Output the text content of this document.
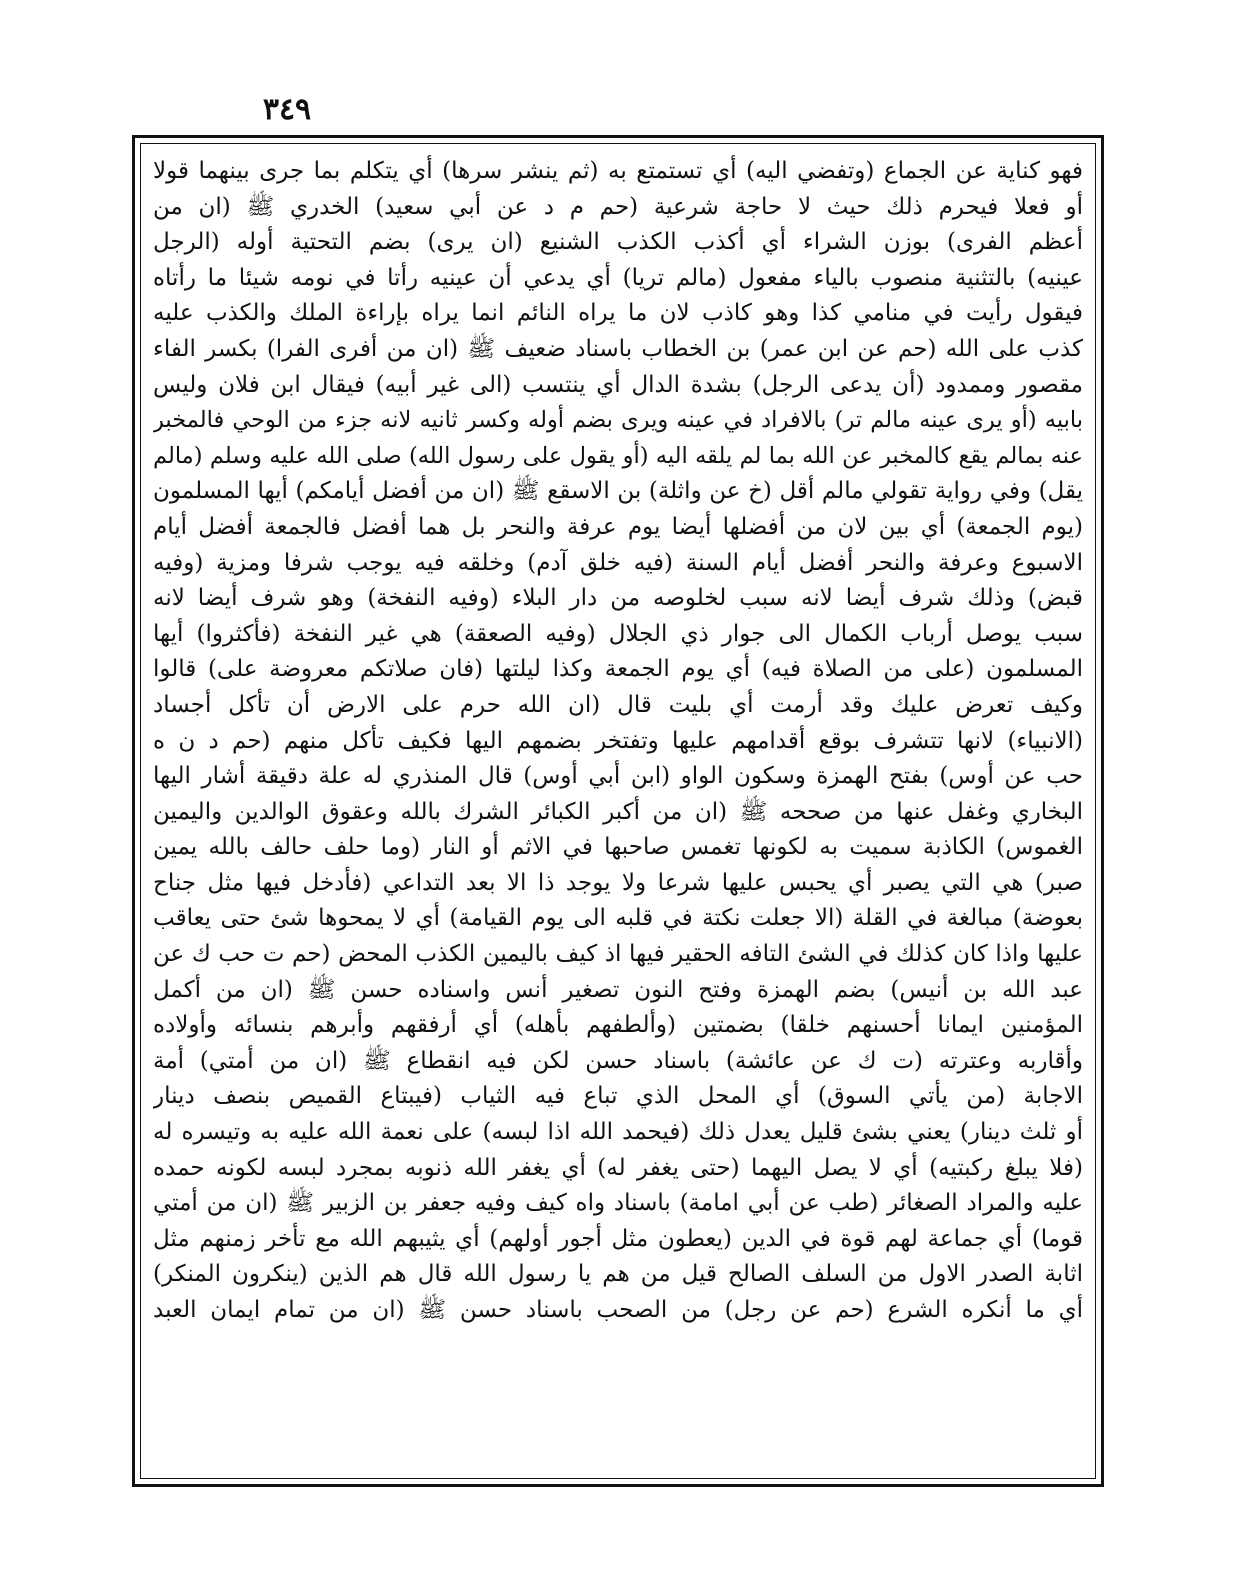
٣٤٩
فهو كناية عن الجماع (وتفضي اليه) أي تستمتع به (ثم ينشر سرها) أي يتكلم بما جرى بينهما قولا
أو فعلا فيحرم ذلك حيث لا حاجة شرعية (حم م د عن أبي سعيد) الخدري ﷺ (ان من
أعظم الفرى) بوزن الشراء أي أكذب الكذب الشنيع (ان يرى) بضم التحتية أوله (الرجل
عينيه) بالتثنية منصوب بالياء مفعول (مالم تريا) أي يدعي أن عينيه رأتا في نومه شيئا ما رأتاه
فيقول رأيت في منامي كذا وهو كاذب لان ما يراه النائم انما يراه بإراءة الملك والكذب عليه
كذب على الله (حم عن ابن عمر) بن الخطاب باسناد ضعيف ﷺ (ان من أفرى الفرا) بكسر الفاء
مقصور وممدود (أن يدعى الرجل) بشدة الدال أي ينتسب (الى غير أبيه) فيقال ابن فلان وليس
بابيه (أو يرى عينه مالم تر) بالافراد في عينه ويرى بضم أوله وكسر ثانيه لانه جزء من الوحي فالمخبر
عنه بمالم يقع كالمخبر عن الله بما لم يلقه اليه (أو يقول على رسول الله) صلى الله عليه وسلم (مالم
يقل) وفي رواية تقولي مالم أقل (خ عن واثلة) بن الاسقع ﷺ (ان من أفضل أيامكم) أيها المسلمون
(يوم الجمعة) أي بين لان من أفضلها أيضا يوم عرفة والنحر بل هما أفضل فالجمعة أفضل أيام
الاسبوع وعرفة والنحر أفضل أيام السنة (فيه خلق آدم) وخلقه فيه يوجب شرفا ومزية (وفيه
قبض) وذلك شرف أيضا لانه سبب لخلوصه من دار البلاء (وفيه النفخة) وهو شرف أيضا لانه
سبب يوصل أرباب الكمال الى جوار ذي الجلال (وفيه الصعقة) هي غير النفخة (فأكثروا) أيها
المسلمون (على من الصلاة فيه) أي يوم الجمعة وكذا ليلتها (فان صلاتكم معروضة على) قالوا
وكيف تعرض عليك وقد أرمت أي بليت قال (ان الله حرم على الارض أن تأكل أجساد
(الانبياء) لانها تتشرف بوقع أقدامهم عليها وتفتخر بضمهم اليها فكيف تأكل منهم (حم د ن ه
حب عن أوس) بفتح الهمزة وسكون الواو (ابن أبي أوس) قال المنذري له علة دقيقة أشار اليها
البخاري وغفل عنها من صححه ﷺ (ان من أكبر الكبائر الشرك بالله وعقوق الوالدين واليمين
الغموس) الكاذبة سميت به لكونها تغمس صاحبها في الاثم أو النار (وما حلف حالف بالله يمين
صبر) هي التي يصبر أي يحبس عليها شرعا ولا يوجد ذا الا بعد التداعي (فأدخل فيها مثل جناح
بعوضة) مبالغة في القلة (الا جعلت نكتة في قلبه الى يوم القيامة) أي لا يمحوها شئ حتى يعاقب
عليها واذا كان كذلك في الشئ التافه الحقير فيها اذ كيف باليمين الكذب المحض (حم ت حب ك عن
عبد الله بن أنيس) بضم الهمزة وفتح النون تصغير أنس واسناده حسن ﷺ (ان من أكمل
المؤمنين ايمانا أحسنهم خلقا) بضمتين (وألطفهم بأهله) أي أرفقهم وأبرهم بنسائه وأولاده
وأقاربه وعترته (ت ك عن عائشة) باسناد حسن لكن فيه انقطاع ﷺ (ان من أمتي) أمة
الاجابة (من يأتي السوق) أي المحل الذي تباع فيه الثياب (فيبتاع القميص بنصف دينار
أو ثلث دينار) يعني بشئ قليل يعدل ذلك (فيحمد الله اذا لبسه) على نعمة الله عليه به وتيسره له
(فلا يبلغ ركبتيه) أي لا يصل اليهما (حتى يغفر له) أي يغفر الله ذنوبه بمجرد لبسه لكونه حمده
عليه والمراد الصغائر (طب عن أبي امامة) باسناد واه كيف وفيه جعفر بن الزبير ﷺ (ان من أمتي
قوما) أي جماعة لهم قوة في الدين (يعطون مثل أجور أولهم) أي يثيبهم الله مع تأخر زمنهم مثل
اثابة الصدر الاول من السلف الصالح قيل من هم يا رسول الله قال هم الذين (ينكرون المنكر)
أي ما أنكره الشرع (حم عن رجل) من الصحب باسناد حسن ﷺ (ان من تمام ايمان العبد
